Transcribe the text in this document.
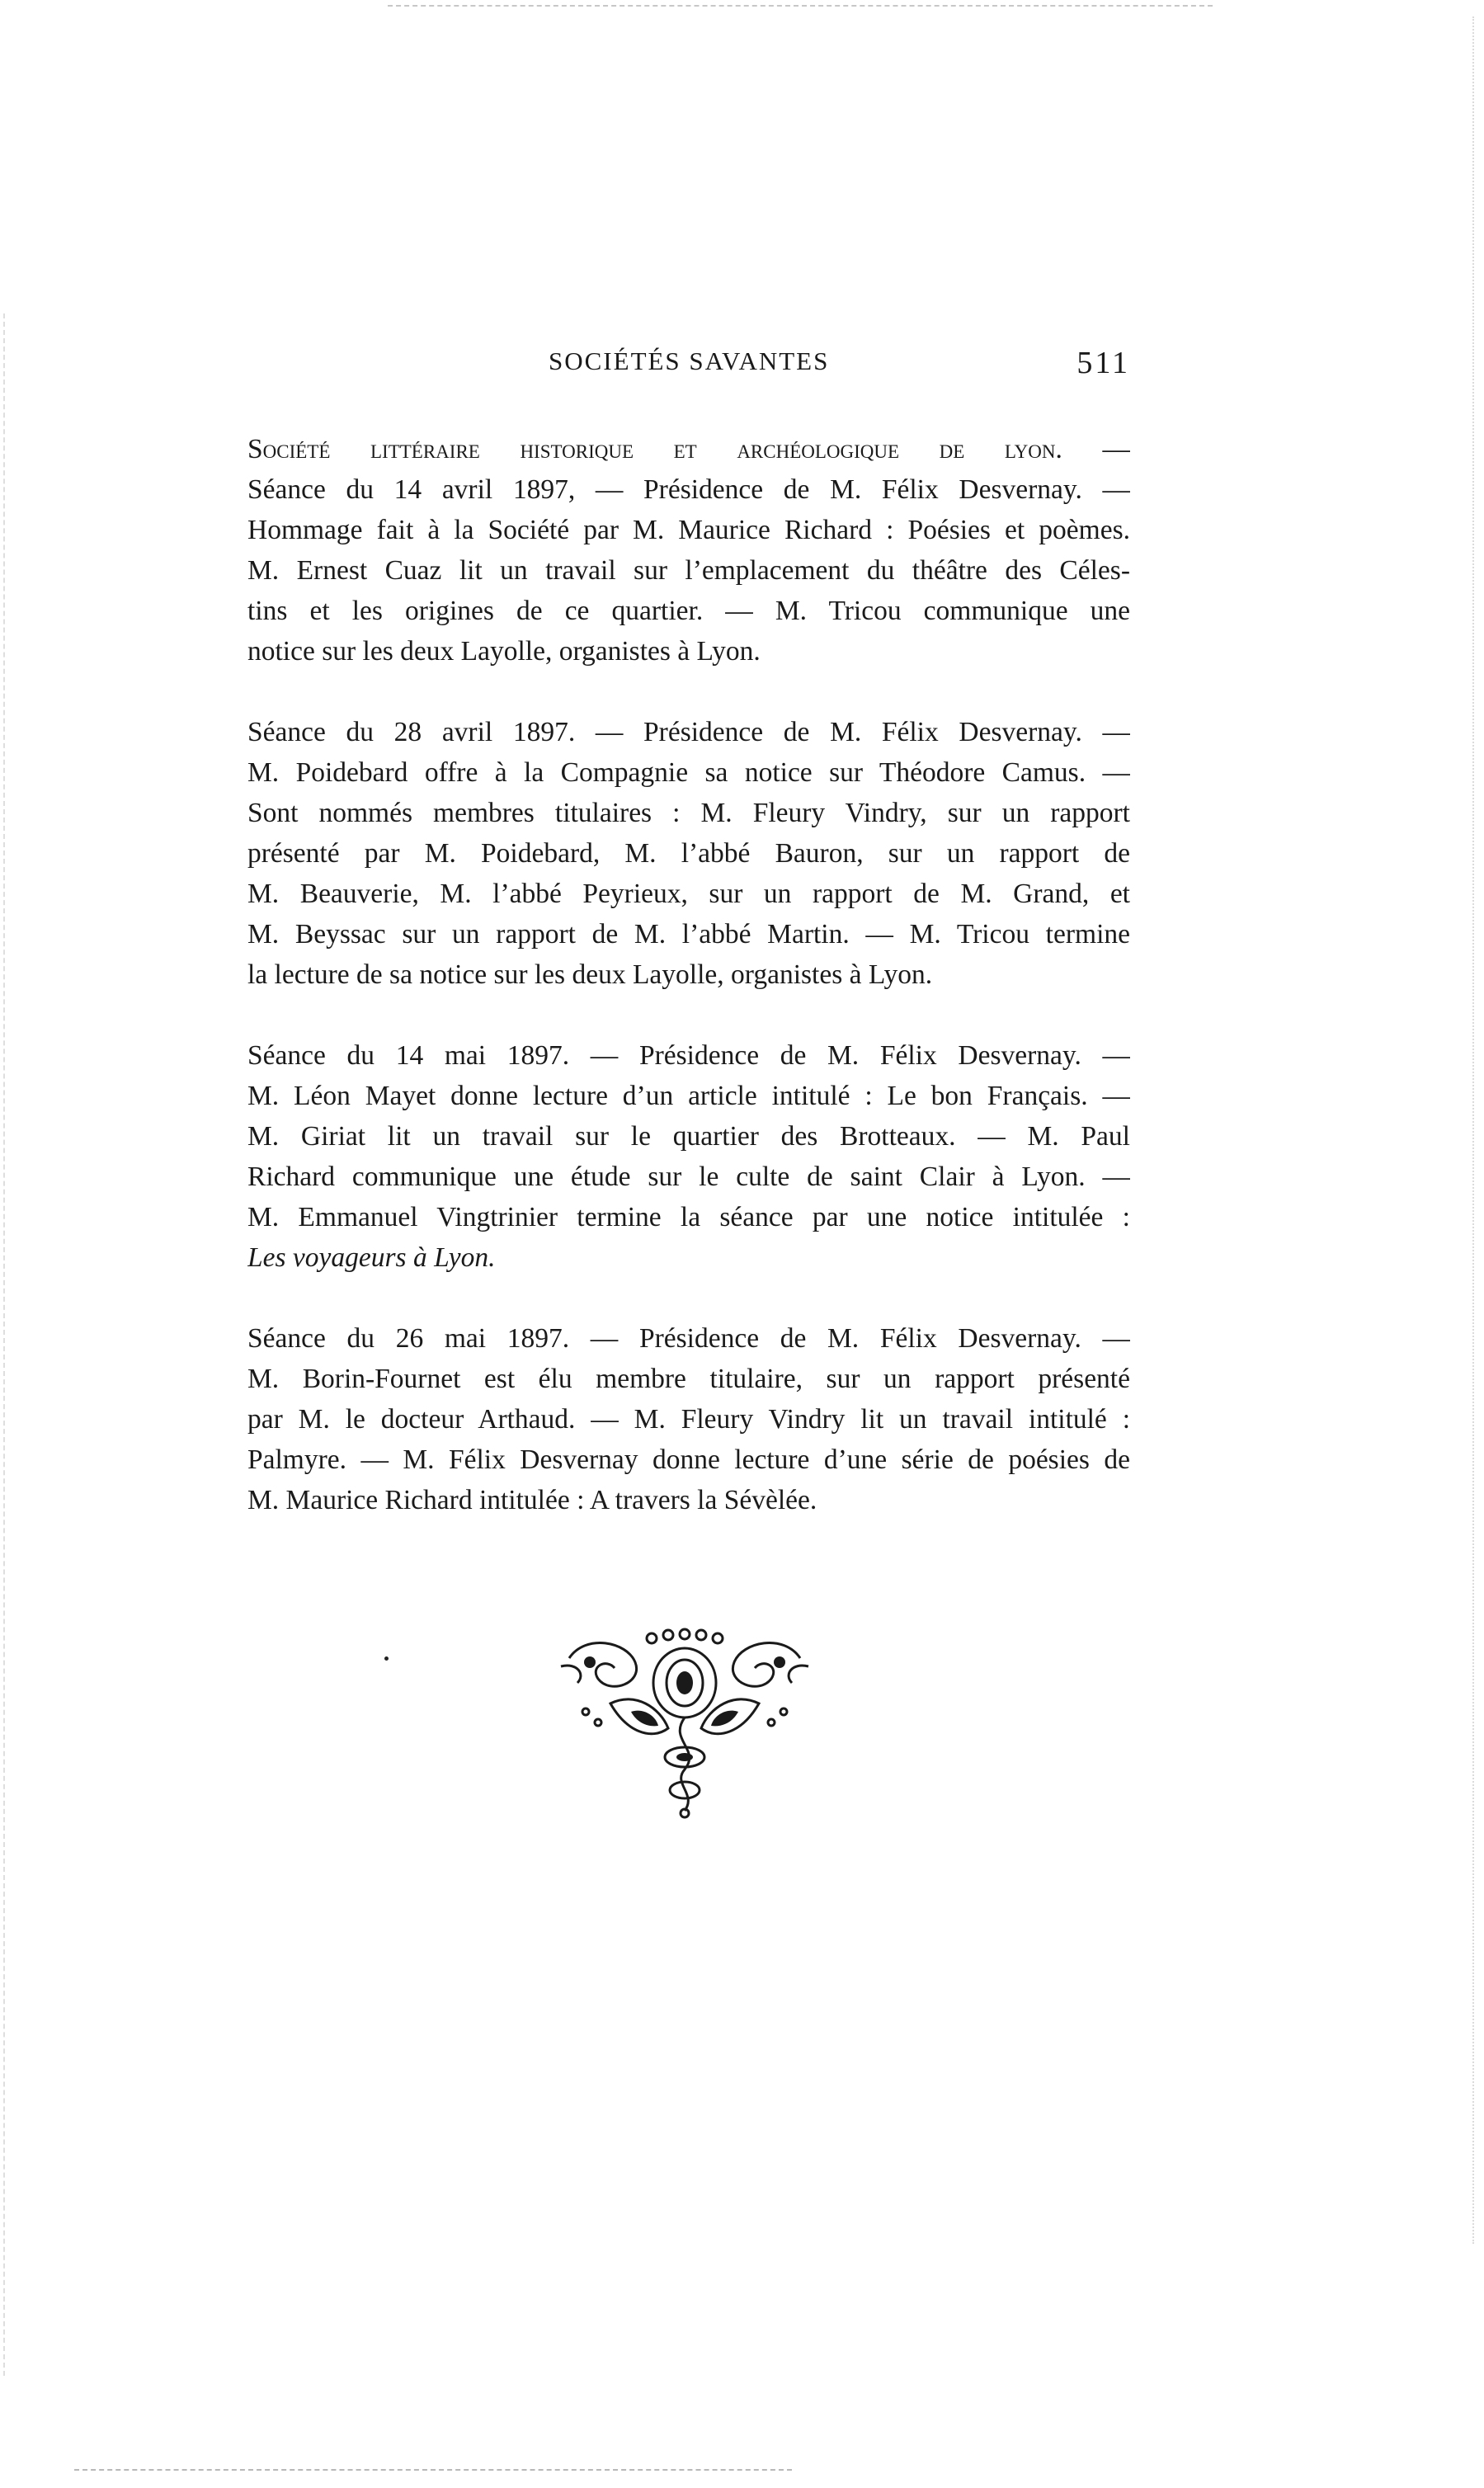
SOCIÉTÉS SAVANTES	511
Société littéraire historique et archéologique de lyon. —
Séance du 14 avril 1897, — Présidence de M. Félix Desvernay. —
Hommage fait à la Société par M. Maurice Richard : Poésies et poèmes.
M. Ernest Cuaz lit un travail sur l’emplacement du théâtre des Céles-
tins et les origines de ce quartier. — M. Tricou communique une
notice sur les deux Layolle, organistes à Lyon.
Séance du 28 avril 1897. — Présidence de M. Félix Desvernay. —
M. Poidebard offre à la Compagnie sa notice sur Théodore Camus. —
Sont nommés membres titulaires : M. Fleury Vindry, sur un rapport
présenté par M. Poidebard, M. l’abbé Bauron, sur un rapport de
M. Beauverie, M. l’abbé Peyrieux, sur un rapport de M. Grand, et
M. Beyssac sur un rapport de M. l’abbé Martin. — M. Tricou termine
la lecture de sa notice sur les deux Layolle, organistes à Lyon.
Séance du 14 mai 1897. — Présidence de M. Félix Desvernay. —
M. Léon Mayet donne lecture d’un article intitulé : Le bon Français. —
M. Giriat lit un travail sur le quartier des Brotteaux. — M. Paul
Richard communique une étude sur le culte de saint Clair à Lyon. —
M. Emmanuel Vingtrinier termine la séance par une notice intitulée :
Les voyageurs à Lyon.
Séance du 26 mai 1897. — Présidence de M. Félix Desvernay. —
M. Borin-Fournet est élu membre titulaire, sur un rapport présenté
par M. le docteur Arthaud. — M. Fleury Vindry lit un travail intitulé :
Palmyre. — M. Félix Desvernay donne lecture d’une série de poésies de
M. Maurice Richard intitulée : A travers la Sévèlée.
